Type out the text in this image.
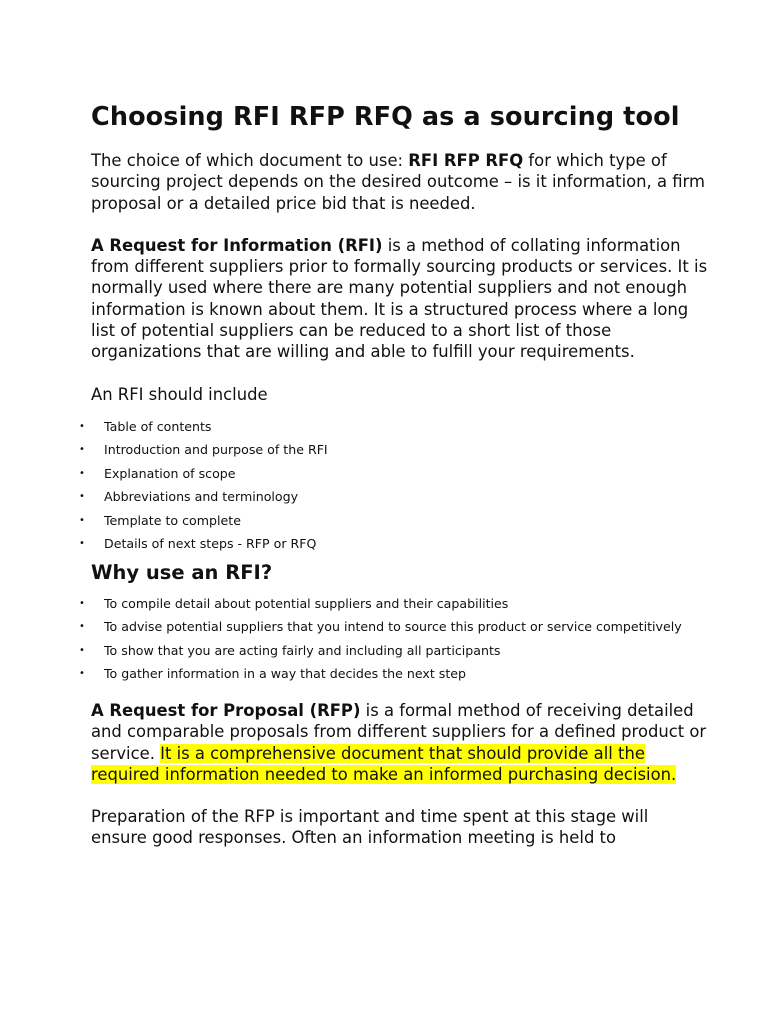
Choosing RFI RFP RFQ as a sourcing tool

The choice of which document to use: RFI RFP RFQ for which type of sourcing project depends on the desired outcome – is it information, a firm proposal or a detailed price bid that is needed.

A Request for Information (RFI) is a method of collating information from different suppliers prior to formally sourcing products or services. It is normally used where there are many potential suppliers and not enough information is known about them. It is a structured process where a long list of potential suppliers can be reduced to a short list of those organizations that are willing and able to fulfill your requirements.

An RFI should include

• Table of contents
• Introduction and purpose of the RFI
• Explanation of scope
• Abbreviations and terminology
• Template to complete
• Details of next steps - RFP or RFQ
Why use an RFI?
• To compile detail about potential suppliers and their capabilities
• To advise potential suppliers that you intend to source this product or service competitively
• To show that you are acting fairly and including all participants
• To gather information in a way that decides the next step

A Request for Proposal (RFP) is a formal method of receiving detailed and comparable proposals from different suppliers for a defined product or service. It is a comprehensive document that should provide all the required information needed to make an informed purchasing decision.

Preparation of the RFP is important and time spent at this stage will ensure good responses. Often an information meeting is held to
